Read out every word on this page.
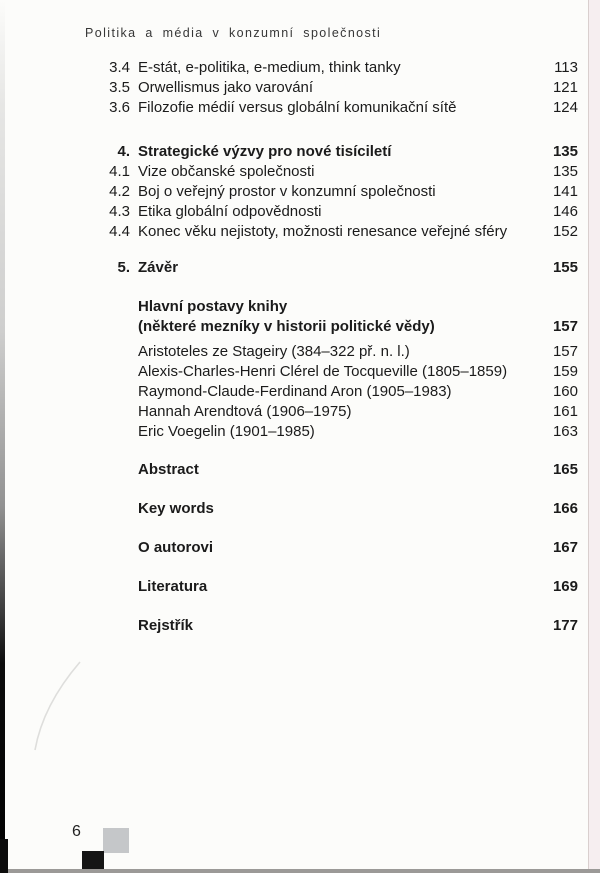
Politika a média v konzumní společnosti
3.4 E-stát, e-politika, e-medium, think tanky	113
3.5 Orwellismus jako varování	121
3.6 Filozofie médií versus globální komunikační sítě	124
4. Strategické výzvy pro nové tisíciletí	135
4.1 Vize občanské společnosti	135
4.2 Boj o veřejný prostor v konzumní společnosti	141
4.3 Etika globální odpovědnosti	146
4.4 Konec věku nejistoty, možnosti renesance veřejné sféry	152
5. Závěr	155
Hlavní postavy knihy
(některé mezníky v historii politické vědy)	157
Aristoteles ze Stageiry (384–322 př. n. l.)	157
Alexis-Charles-Henri Clérel de Tocqueville (1805–1859)	159
Raymond-Claude-Ferdinand Aron (1905–1983)	160
Hannah Arendtová (1906–1975)	161
Eric Voegelin (1901–1985)	163
Abstract	165
Key words	166
O autorovi	167
Literatura	169
Rejstřík	177
6
